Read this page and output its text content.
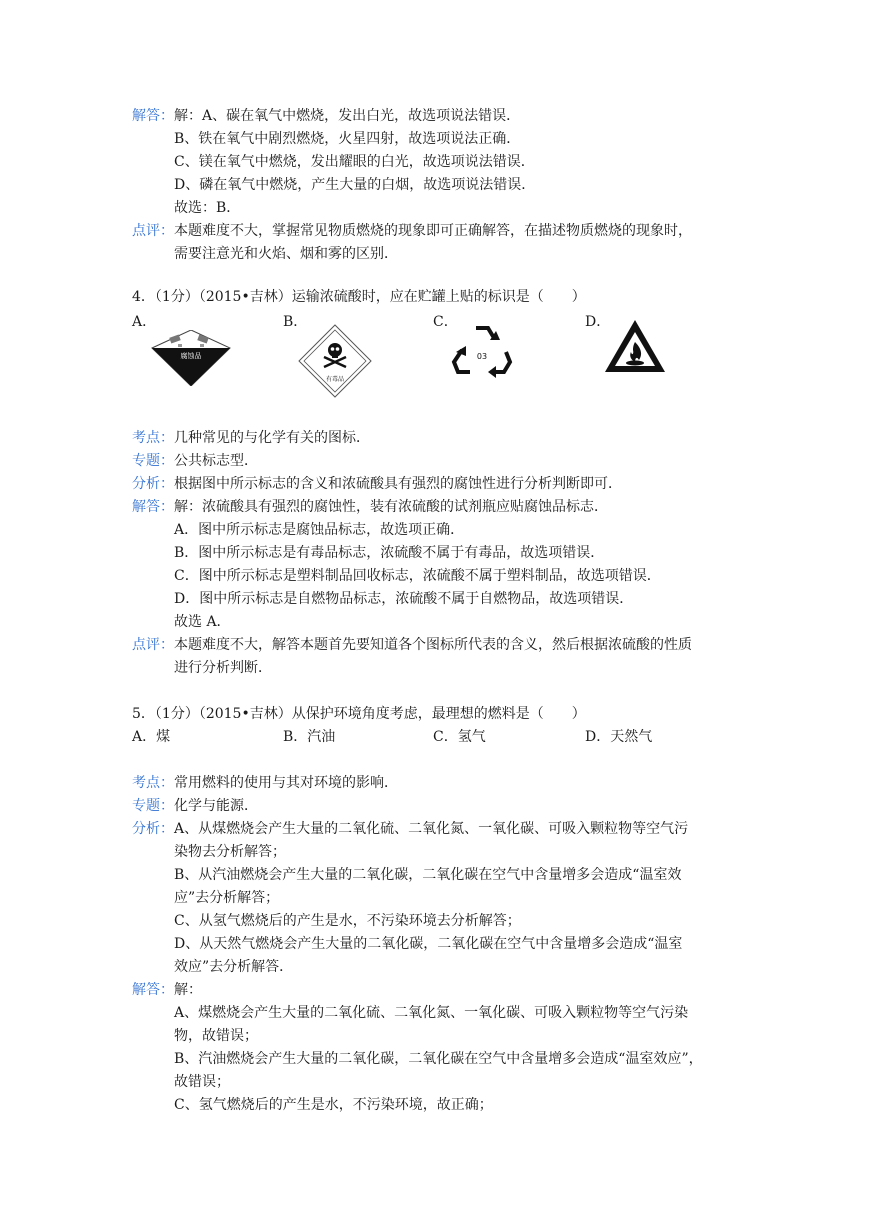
解答：解：A、碳在氧气中燃烧，发出白光，故选项说法错误．
B、铁在氧气中剧烈燃烧，火星四射，故选项说法正确．
C、镁在氧气中燃烧，发出耀眼的白光，故选项说法错误．
D、磷在氧气中燃烧，产生大量的白烟，故选项说法错误．
故选：B．
点评：本题难度不大，掌握常见物质燃烧的现象即可正确解答，在描述物质燃烧的现象时，
需要注意光和火焰、烟和雾的区别．
4．（1分）（2015•吉林）运输浓硫酸时，应在贮罐上贴的标识是（　　）
A．	B．	C．	D．
腐蚀品
有毒品
03
考点：几种常见的与化学有关的图标．
专题：公共标志型．
分析：根据图中所示标志的含义和浓硫酸具有强烈的腐蚀性进行分析判断即可．
解答：解：浓硫酸具有强烈的腐蚀性，装有浓硫酸的试剂瓶应贴腐蚀品标志．
A．图中所示标志是腐蚀品标志，故选项正确．
B．图中所示标志是有毒品标志，浓硫酸不属于有毒品，故选项错误．
C．图中所示标志是塑料制品回收标志，浓硫酸不属于塑料制品，故选项错误．
D．图中所示标志是自燃物品标志，浓硫酸不属于自燃物品，故选项错误．
故选 A．
点评：本题难度不大，解答本题首先要知道各个图标所代表的含义，然后根据浓硫酸的性质
进行分析判断．
5．（1分）（2015•吉林）从保护环境角度考虑，最理想的燃料是（　　）
A．煤	B．汽油	C．氢气	D．天然气
考点：常用燃料的使用与其对环境的影响．
专题：化学与能源．
分析：A、从煤燃烧会产生大量的二氧化硫、二氧化氮、一氧化碳、可吸入颗粒物等空气污
染物去分析解答；
B、从汽油燃烧会产生大量的二氧化碳，二氧化碳在空气中含量增多会造成“温室效
应”去分析解答；
C、从氢气燃烧后的产生是水，不污染环境去分析解答；
D、从天然气燃烧会产生大量的二氧化碳，二氧化碳在空气中含量增多会造成“温室
效应”去分析解答．
解答：解：
A、煤燃烧会产生大量的二氧化硫、二氧化氮、一氧化碳、可吸入颗粒物等空气污染
物，故错误；
B、汽油燃烧会产生大量的二氧化碳，二氧化碳在空气中含量增多会造成“温室效应”，
故错误；
C、氢气燃烧后的产生是水，不污染环境，故正确；
